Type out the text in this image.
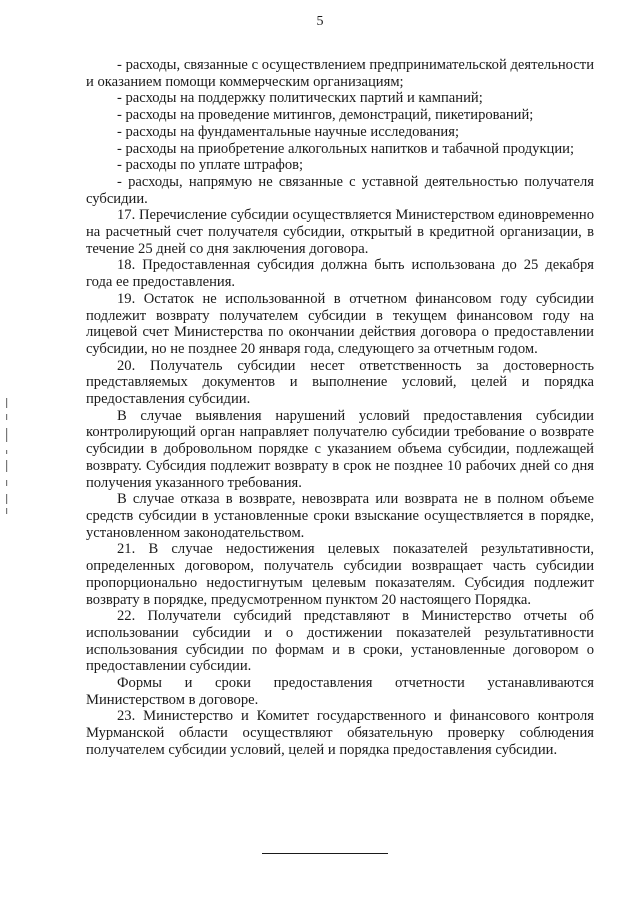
5

- расходы, связанные с осуществлением предпринимательской деятельности и оказанием помощи коммерческим организациям;

- расходы на поддержку политических партий и кампаний;

- расходы на проведение митингов, демонстраций, пикетирований;

- расходы на фундаментальные научные исследования;

- расходы на приобретение алкогольных напитков и табачной продукции;

- расходы по уплате штрафов;

- расходы, напрямую не связанные с уставной деятельностью получателя субсидии.

17. Перечисление субсидии осуществляется Министерством единовременно на расчетный счет получателя субсидии, открытый в кредитной организации, в течение 25 дней со дня заключения договора.

18. Предоставленная субсидия должна быть использована до 25 декабря года ее предоставления.

19. Остаток не использованной в отчетном финансовом году субсидии подлежит возврату получателем субсидии в текущем финансовом году на лицевой счет Министерства по окончании действия договора о предоставлении субсидии, но не позднее 20 января года, следующего за отчетным годом.

20. Получатель субсидии несет ответственность за достоверность представляемых документов и выполнение условий, целей и порядка предоставления субсидии.

В случае выявления нарушений условий предоставления субсидии контролирующий орган направляет получателю субсидии требование о возврате субсидии в добровольном порядке с указанием объема субсидии, подлежащей возврату. Субсидия подлежит возврату в срок не позднее 10 рабочих дней со дня получения указанного требования.

В случае отказа в возврате, невозврата или возврата не в полном объеме средств субсидии в установленные сроки взыскание осуществляется в порядке, установленном законодательством.

21. В случае недостижения целевых показателей результативности, определенных договором, получатель субсидии возвращает часть субсидии пропорционально недостигнутым целевым показателям. Субсидия подлежит возврату в порядке, предусмотренном пунктом 20 настоящего Порядка.

22. Получатели субсидий представляют в Министерство отчеты об использовании субсидии и о достижении показателей результативности использования субсидии по формам и в сроки, установленные договором о предоставлении субсидии.

Формы и сроки предоставления отчетности устанавливаются Министерством в договоре.

23. Министерство и Комитет государственного и финансового контроля Мурманской области осуществляют обязательную проверку соблюдения получателем субсидии условий, целей и порядка предоставления субсидии.
